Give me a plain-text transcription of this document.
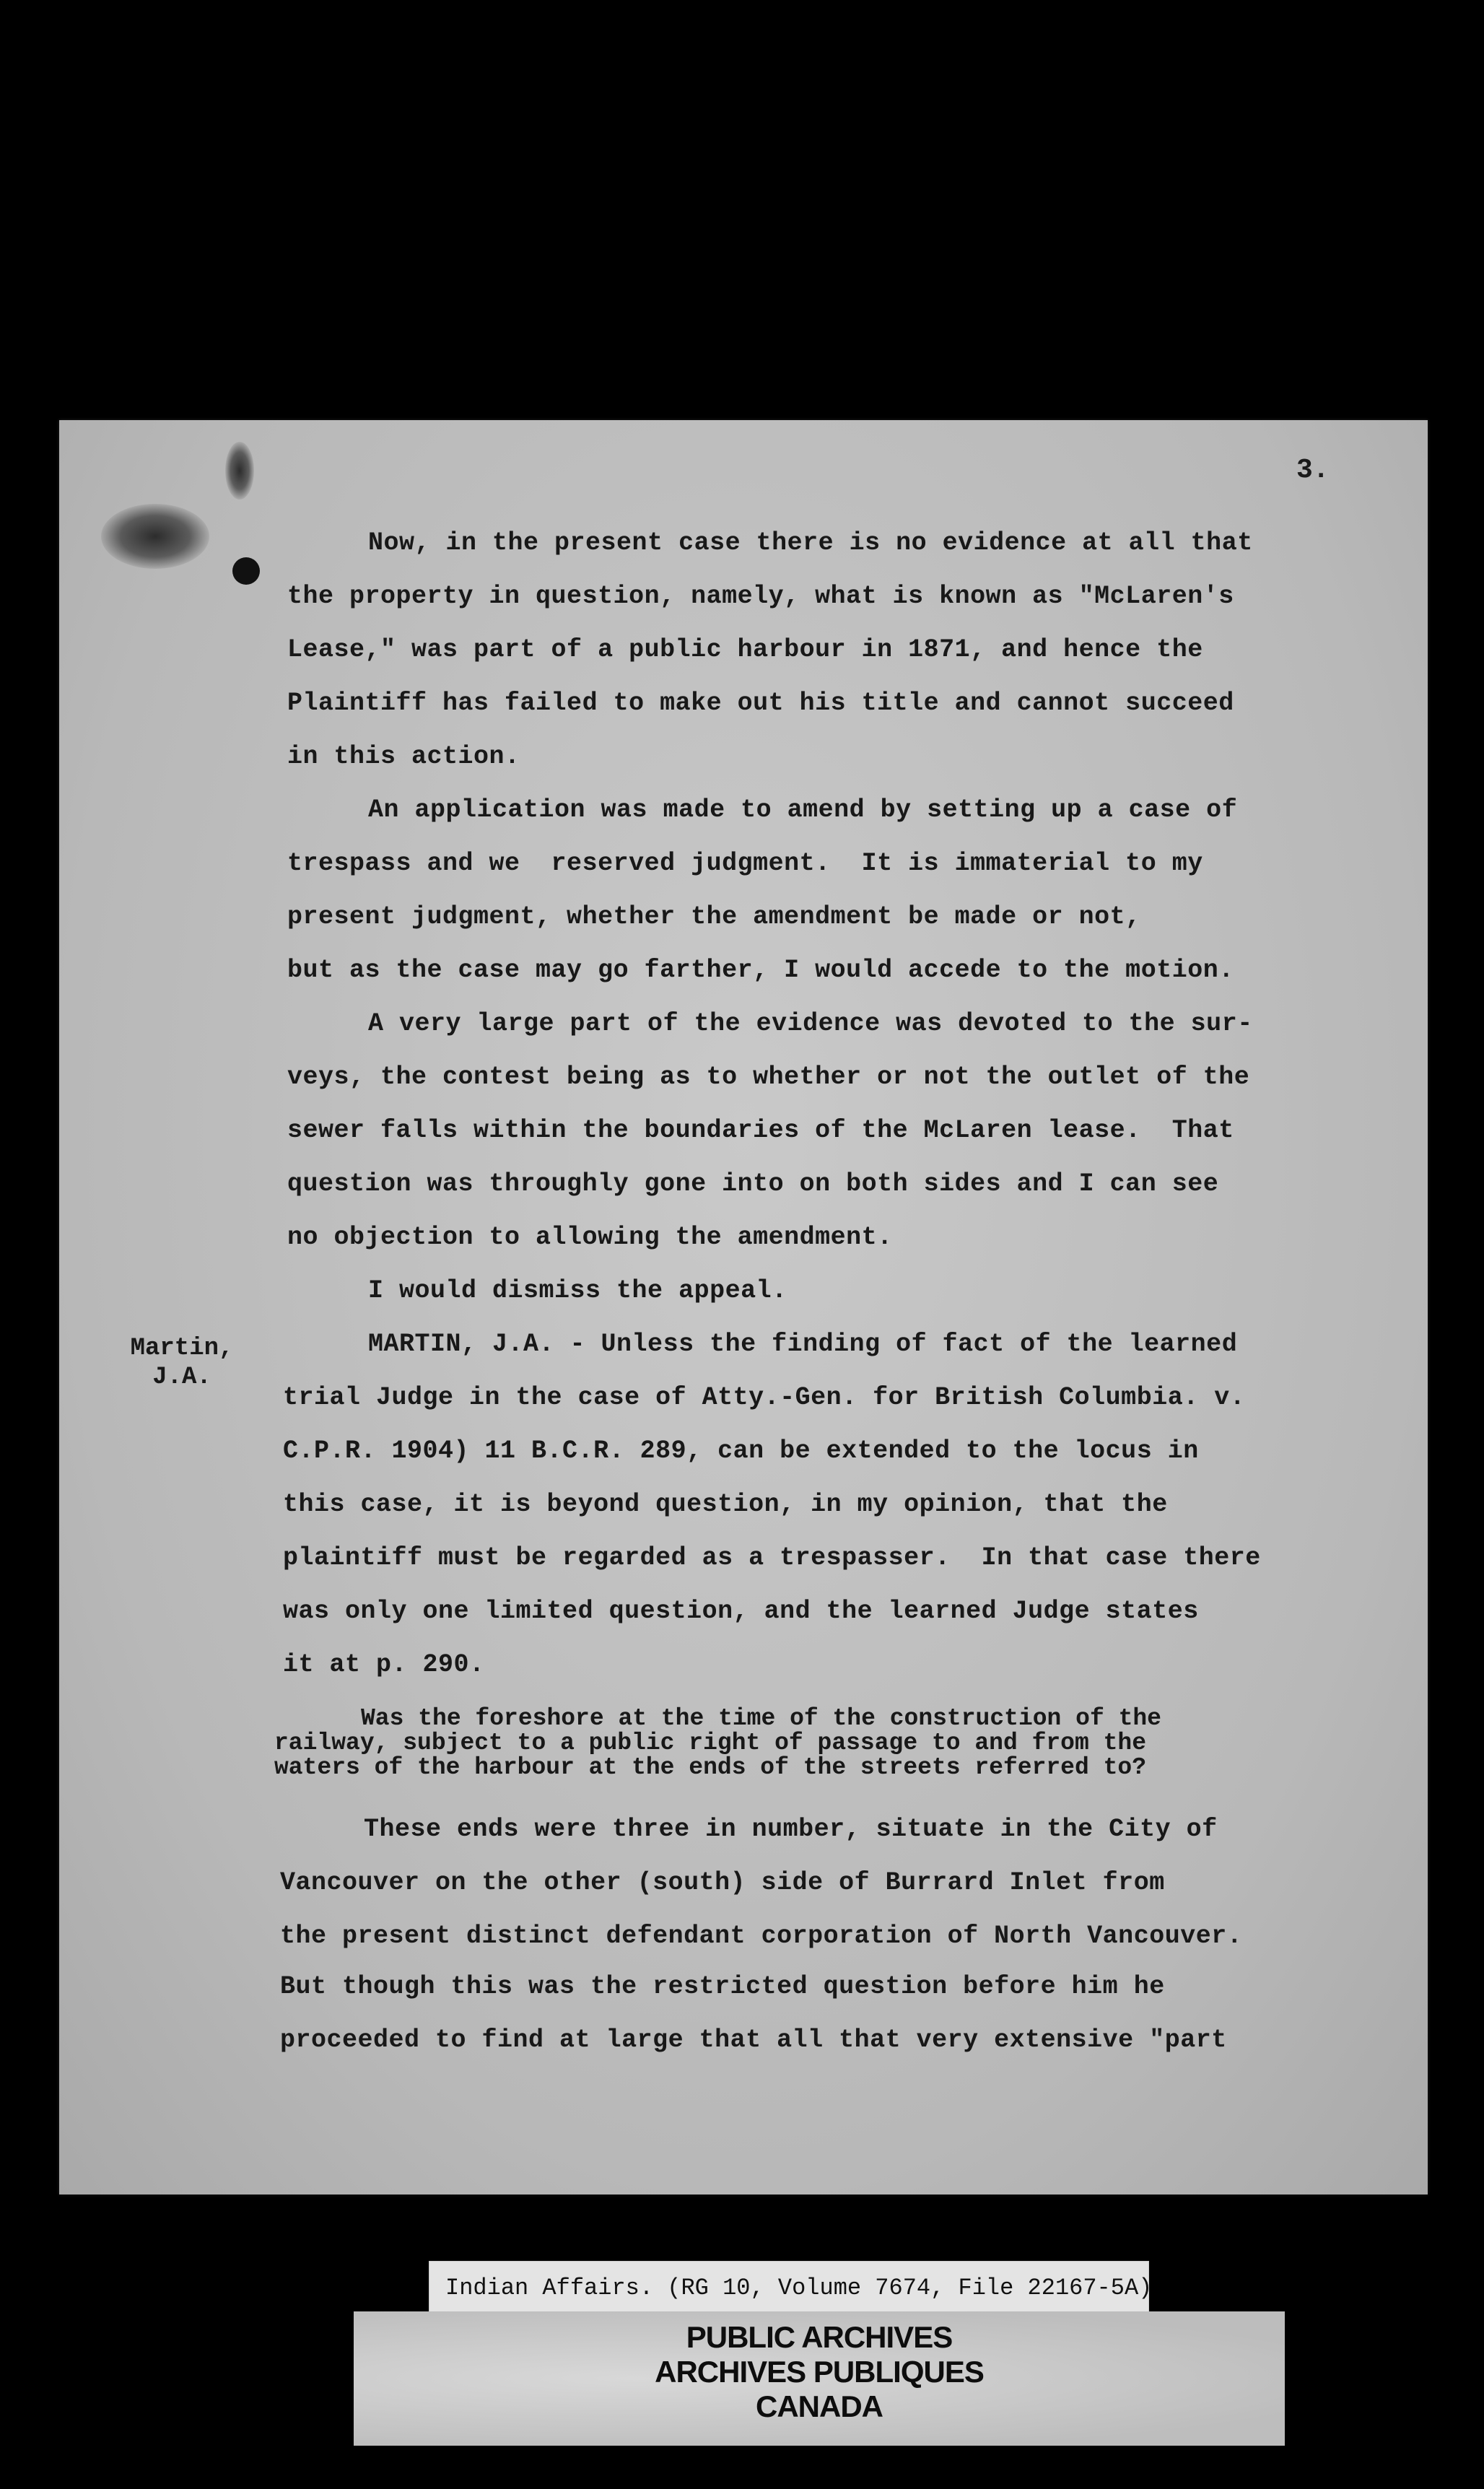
3.
Now, in the present case there is no evidence at all that
the property in question, namely, what is known as "McLaren's
Lease," was part of a public harbour in 1871, and hence the
Plaintiff has failed to make out his title and cannot succeed
in this action.
An application was made to amend by setting up a case of
trespass and we  reserved judgment.  It is immaterial to my
present judgment, whether the amendment be made or not,
but as the case may go farther, I would accede to the motion.
A very large part of the evidence was devoted to the sur-
veys, the contest being as to whether or not the outlet of the
sewer falls within the boundaries of the McLaren lease.  That
question was throughly gone into on both sides and I can see
no objection to allowing the amendment.
I would dismiss the appeal.
Martin,
J.A.
MARTIN, J.A. - Unless the finding of fact of the learned
trial Judge in the case of Atty.-Gen. for British Columbia. v.
C.P.R. 1904) 11 B.C.R. 289, can be extended to the locus in
this case, it is beyond question, in my opinion, that the
plaintiff must be regarded as a trespasser.  In that case there
was only one limited question, and the learned Judge states
it at p. 290.
Was the foreshore at the time of the construction of the
railway, subject to a public right of passage to and from the
waters of the harbour at the ends of the streets referred to?
These ends were three in number, situate in the City of
Vancouver on the other (south) side of Burrard Inlet from
the present distinct defendant corporation of North Vancouver.
But though this was the restricted question before him he
proceeded to find at large that all that very extensive "part
Indian Affairs. (RG 10, Volume 7674, File 22167-5A)
PUBLIC ARCHIVES
ARCHIVES PUBLIQUES
CANADA
